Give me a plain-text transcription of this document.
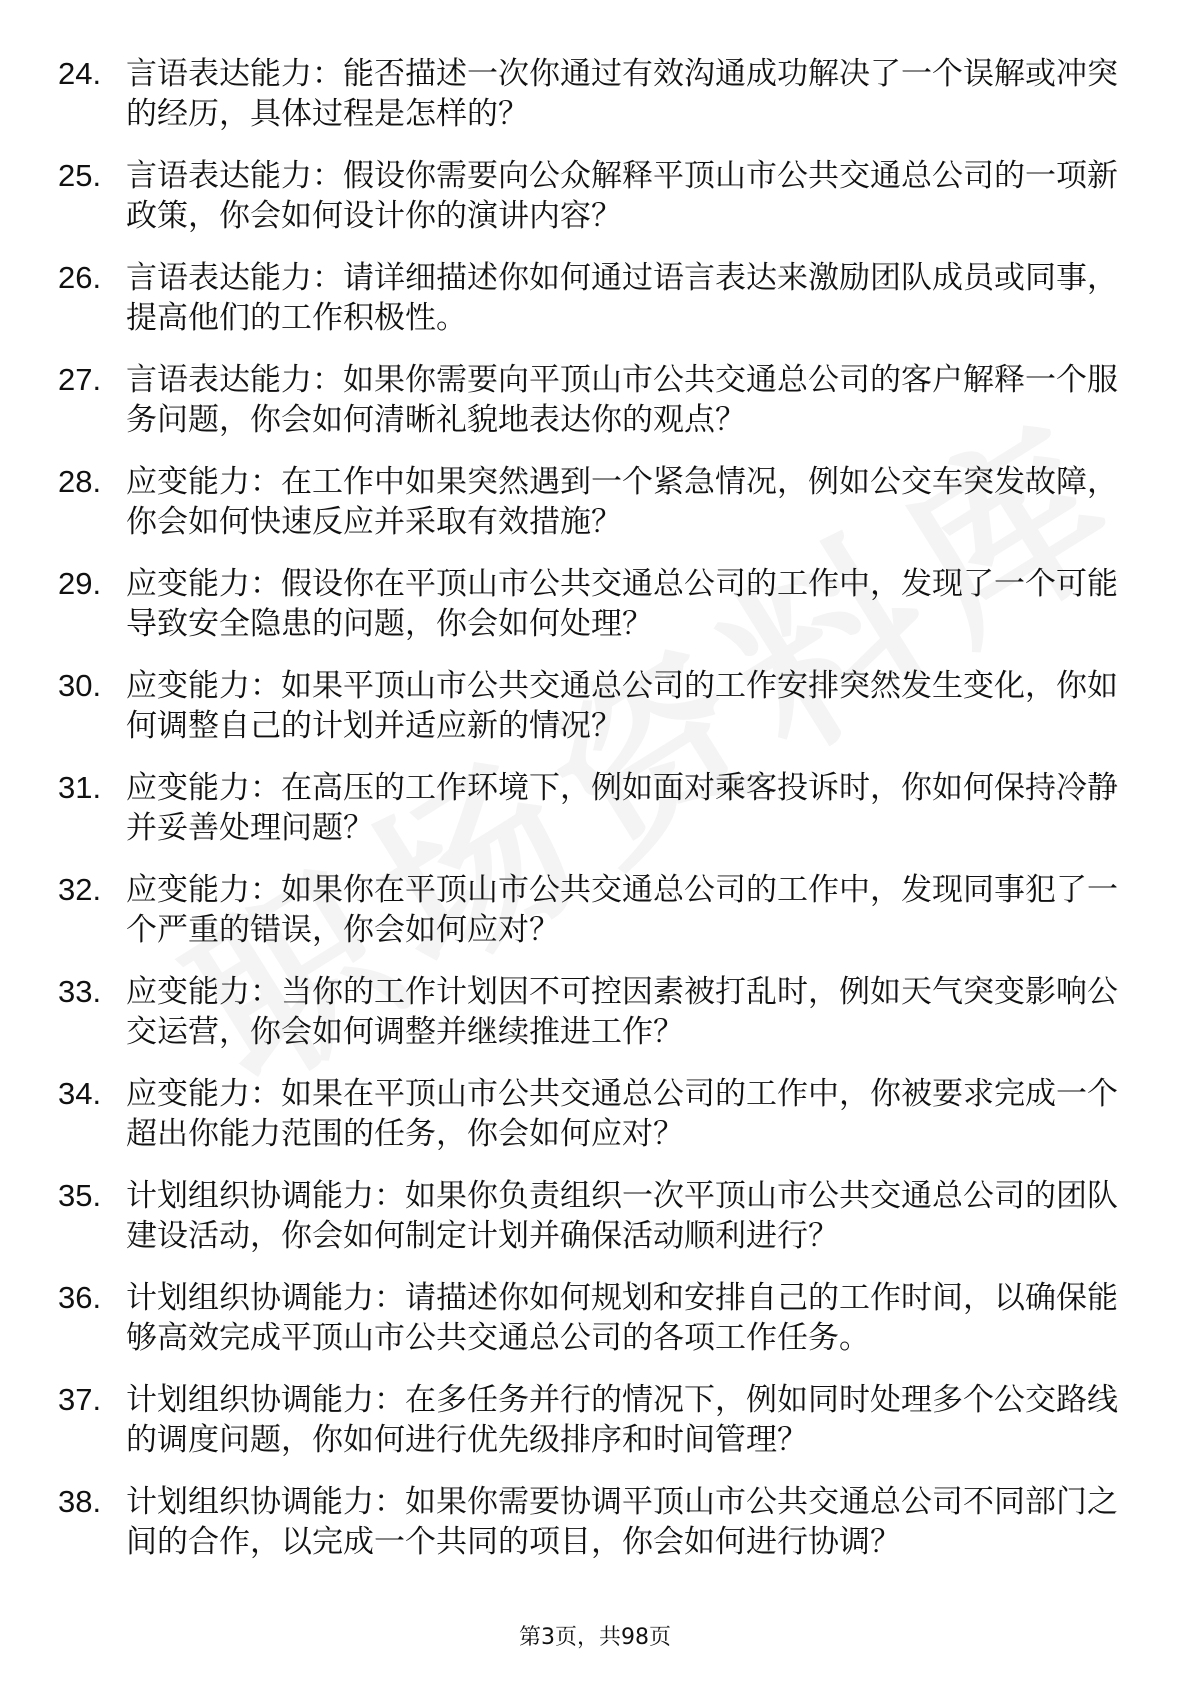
24. 言语表达能力：能否描述一次你通过有效沟通成功解决了一个误解或冲突的经历，具体过程是怎样的？
25. 言语表达能力：假设你需要向公众解释平顶山市公共交通总公司的一项新政策，你会如何设计你的演讲内容？
26. 言语表达能力：请详细描述你如何通过语言表达来激励团队成员或同事，提高他们的工作积极性。
27. 言语表达能力：如果你需要向平顶山市公共交通总公司的客户解释一个服务问题，你会如何清晰礼貌地表达你的观点？
28. 应变能力：在工作中如果突然遇到一个紧急情况，例如公交车突发故障，你会如何快速反应并采取有效措施？
29. 应变能力：假设你在平顶山市公共交通总公司的工作中，发现了一个可能导致安全隐患的问题，你会如何处理？
30. 应变能力：如果平顶山市公共交通总公司的工作安排突然发生变化，你如何调整自己的计划并适应新的情况？
31. 应变能力：在高压的工作环境下，例如面对乘客投诉时，你如何保持冷静并妥善处理问题？
32. 应变能力：如果你在平顶山市公共交通总公司的工作中，发现同事犯了一个严重的错误，你会如何应对？
33. 应变能力：当你的工作计划因不可控因素被打乱时，例如天气突变影响公交运营，你会如何调整并继续推进工作？
34. 应变能力：如果在平顶山市公共交通总公司的工作中，你被要求完成一个超出你能力范围的任务，你会如何应对？
35. 计划组织协调能力：如果你负责组织一次平顶山市公共交通总公司的团队建设活动，你会如何制定计划并确保活动顺利进行？
36. 计划组织协调能力：请描述你如何规划和安排自己的工作时间，以确保能够高效完成平顶山市公共交通总公司的各项工作任务。
37. 计划组织协调能力：在多任务并行的情况下，例如同时处理多个公交路线的调度问题，你如何进行优先级排序和时间管理？
38. 计划组织协调能力：如果你需要协调平顶山市公共交通总公司不同部门之间的合作，以完成一个共同的项目，你会如何进行协调？
第3页，共98页
